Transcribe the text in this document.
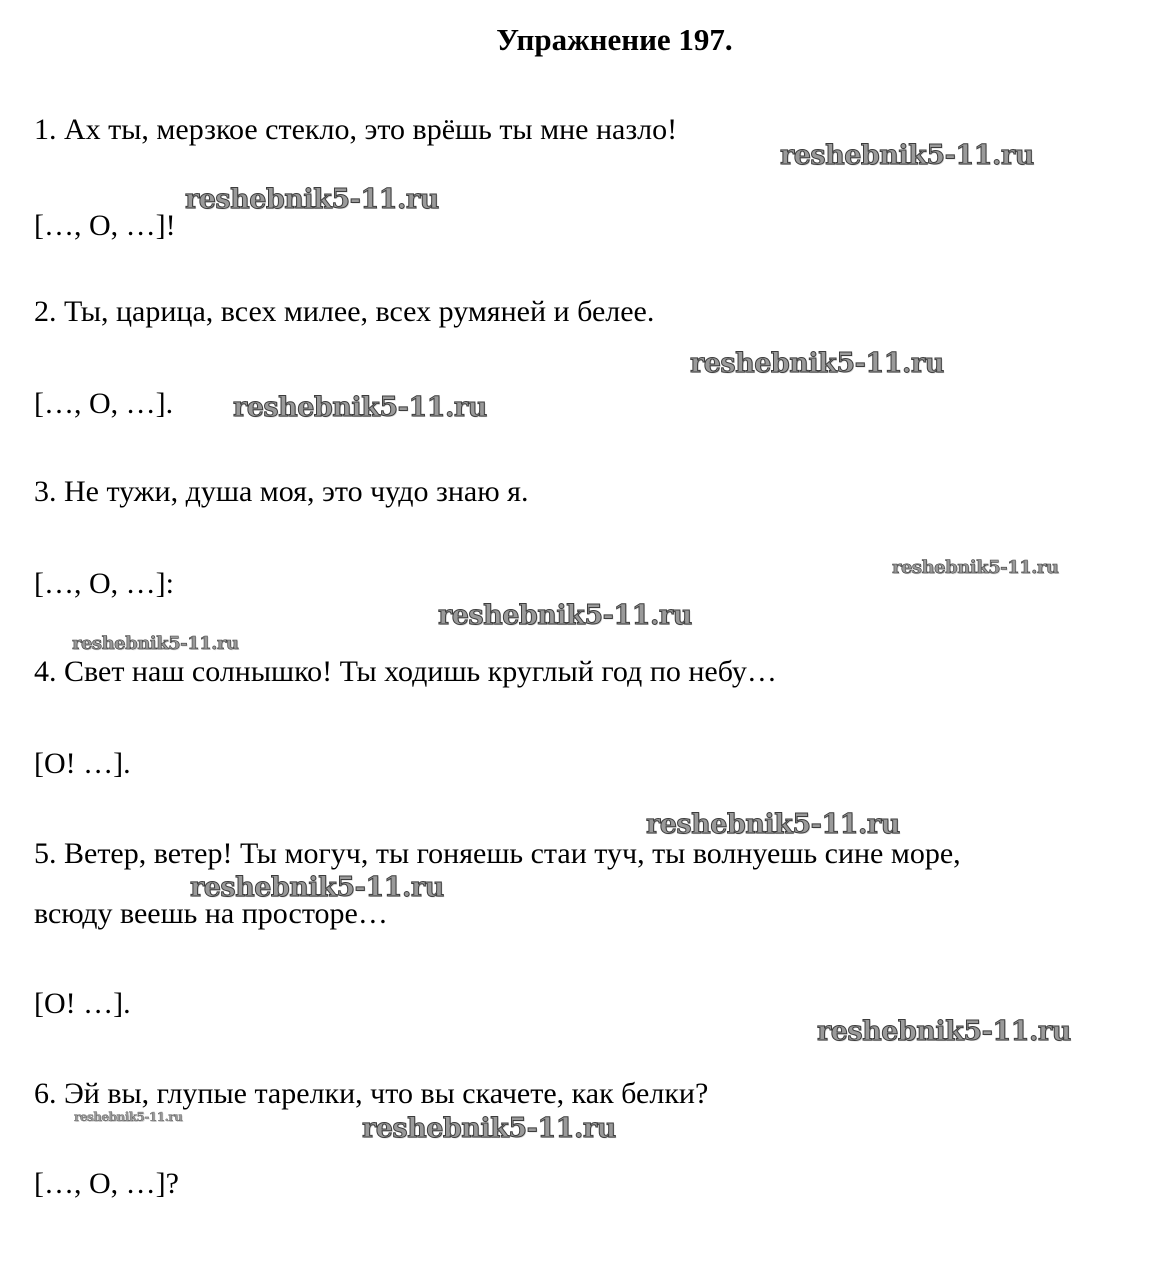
Упражнение 197.
1. Ах ты, мерзкое стекло, это врёшь ты мне назло!
[…, О, …]!
2. Ты, царица, всех милее, всех румяней и белее.
[…, О, …].
3. Не тужи, душа моя, это чудо знаю я.
[…, О, …]:
4. Свет наш солнышко! Ты ходишь круглый год по небу…
[О! …].
5. Ветер, ветер! Ты могуч, ты гоняешь стаи туч, ты волнуешь сине море,
всюду веешь на просторе…
[О! …].
6. Эй вы, глупые тарелки, что вы скачете, как белки?
[…, О, …]?
reshebnik5-11.ru
reshebnik5-11.ru
reshebnik5-11.ru
reshebnik5-11.ru
reshebnik5-11.ru
reshebnik5-11.ru
reshebnik5-11.ru
reshebnik5-11.ru
reshebnik5-11.ru
reshebnik5-11.ru
reshebnik5-11.ru	reshebnik5-11.ru
